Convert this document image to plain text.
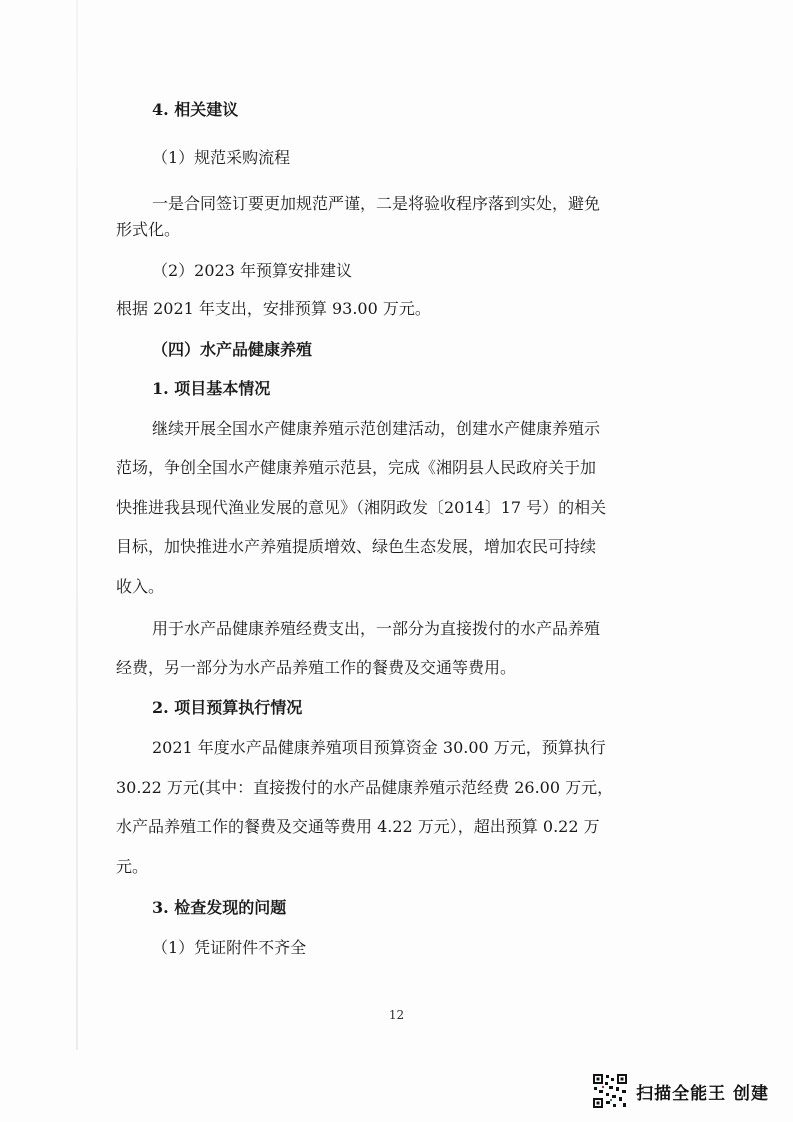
4. 相关建议
（1）规范采购流程
一是合同签订要更加规范严谨，二是将验收程序落到实处，避免
形式化。
（2）2023 年预算安排建议
根据 2021 年支出，安排预算 93.00 万元。
（四）水产品健康养殖
1. 项目基本情况
继续开展全国水产健康养殖示范创建活动，创建水产健康养殖示
范场，争创全国水产健康养殖示范县，完成《湘阴县人民政府关于加
快推进我县现代渔业发展的意见》（湘阴政发〔2014〕17 号）的相关
目标，加快推进水产养殖提质增效、绿色生态发展，增加农民可持续
收入。
用于水产品健康养殖经费支出，一部分为直接拨付的水产品养殖
经费，另一部分为水产品养殖工作的餐费及交通等费用。
2. 项目预算执行情况
2021 年度水产品健康养殖项目预算资金 30.00 万元，预算执行
30.22 万元(其中：直接拨付的水产品健康养殖示范经费 26.00 万元，
水产品养殖工作的餐费及交通等费用 4.22 万元），超出预算 0.22 万
元。
3. 检查发现的问题
（1）凭证附件不齐全
12
扫描全能王 创建
